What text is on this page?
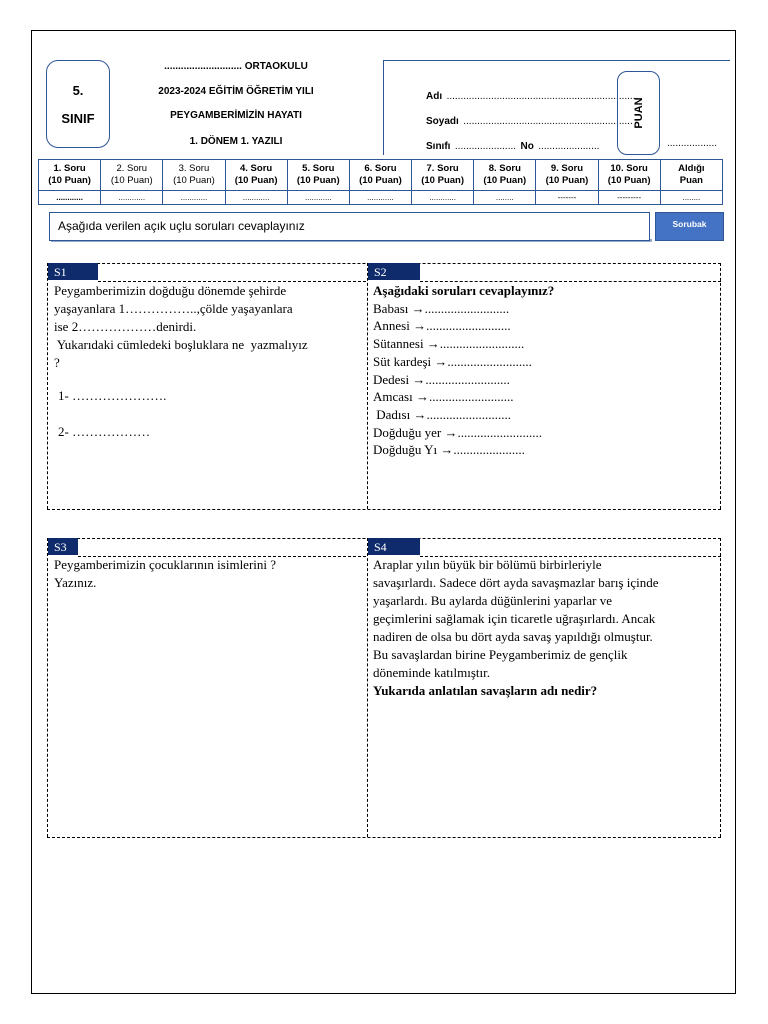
5.
SINIF
............................ ORTAOKULU
2023-2024 EĞİTİM ÖĞRETİM YILI
PEYGAMBERİMİZİN HAYATI
1. DÖNEM 1. YAZILI
Adı .....................................................................
Soyadı .............................................................
Sınıfı ...................... No ......................
PUAN
..................
1. Soru
(10 Puan)	2. Soru
(10 Puan)	3. Soru
(10 Puan)	4. Soru
(10 Puan)	5. Soru
(10 Puan)	6. Soru
(10 Puan)	7. Soru
(10 Puan)	8. Soru
(10 Puan)	9. Soru
(10 Puan)	10. Soru
(10 Puan)	Aldığı
Puan
............	............	............	............	............	............	............	........	-------	---------	........
Aşağıda verilen açık uçlu soruları cevaplayınız	Sorubak
S1	S2
Peygamberimizin doğduğu dönemde şehirde
yaşayanlara 1……………..,çölde yaşayanlara
ise 2………………denirdi.
Yukarıdaki cümledeki boşluklara ne  yazmalıyız
?
1- ………………….
2- ………………
Aşağıdaki soruları cevaplayınız?
Babası →..........................
Annesi →..........................
Sütannesi →..........................
Süt kardeşi →..........................
Dedesi →..........................
Amcası →..........................
Dadısı →..........................
Doğduğu yer →..........................
Doğduğu Yı →......................
S3	S4
Peygamberimizin çocuklarının isimlerini ?
Yazınız.
Araplar yılın büyük bir bölümü birbirleriyle
savaşırlardı. Sadece dört ayda savaşmazlar barış içinde
yaşarlardı. Bu aylarda düğünlerini yaparlar ve
geçimlerini sağlamak için ticaretle uğraşırlardı. Ancak
nadiren de olsa bu dört ayda savaş yapıldığı olmuştur.
Bu savaşlardan birine Peygamberimiz de gençlik
döneminde katılmıştır.
Yukarıda anlatılan savaşların adı nedir?
